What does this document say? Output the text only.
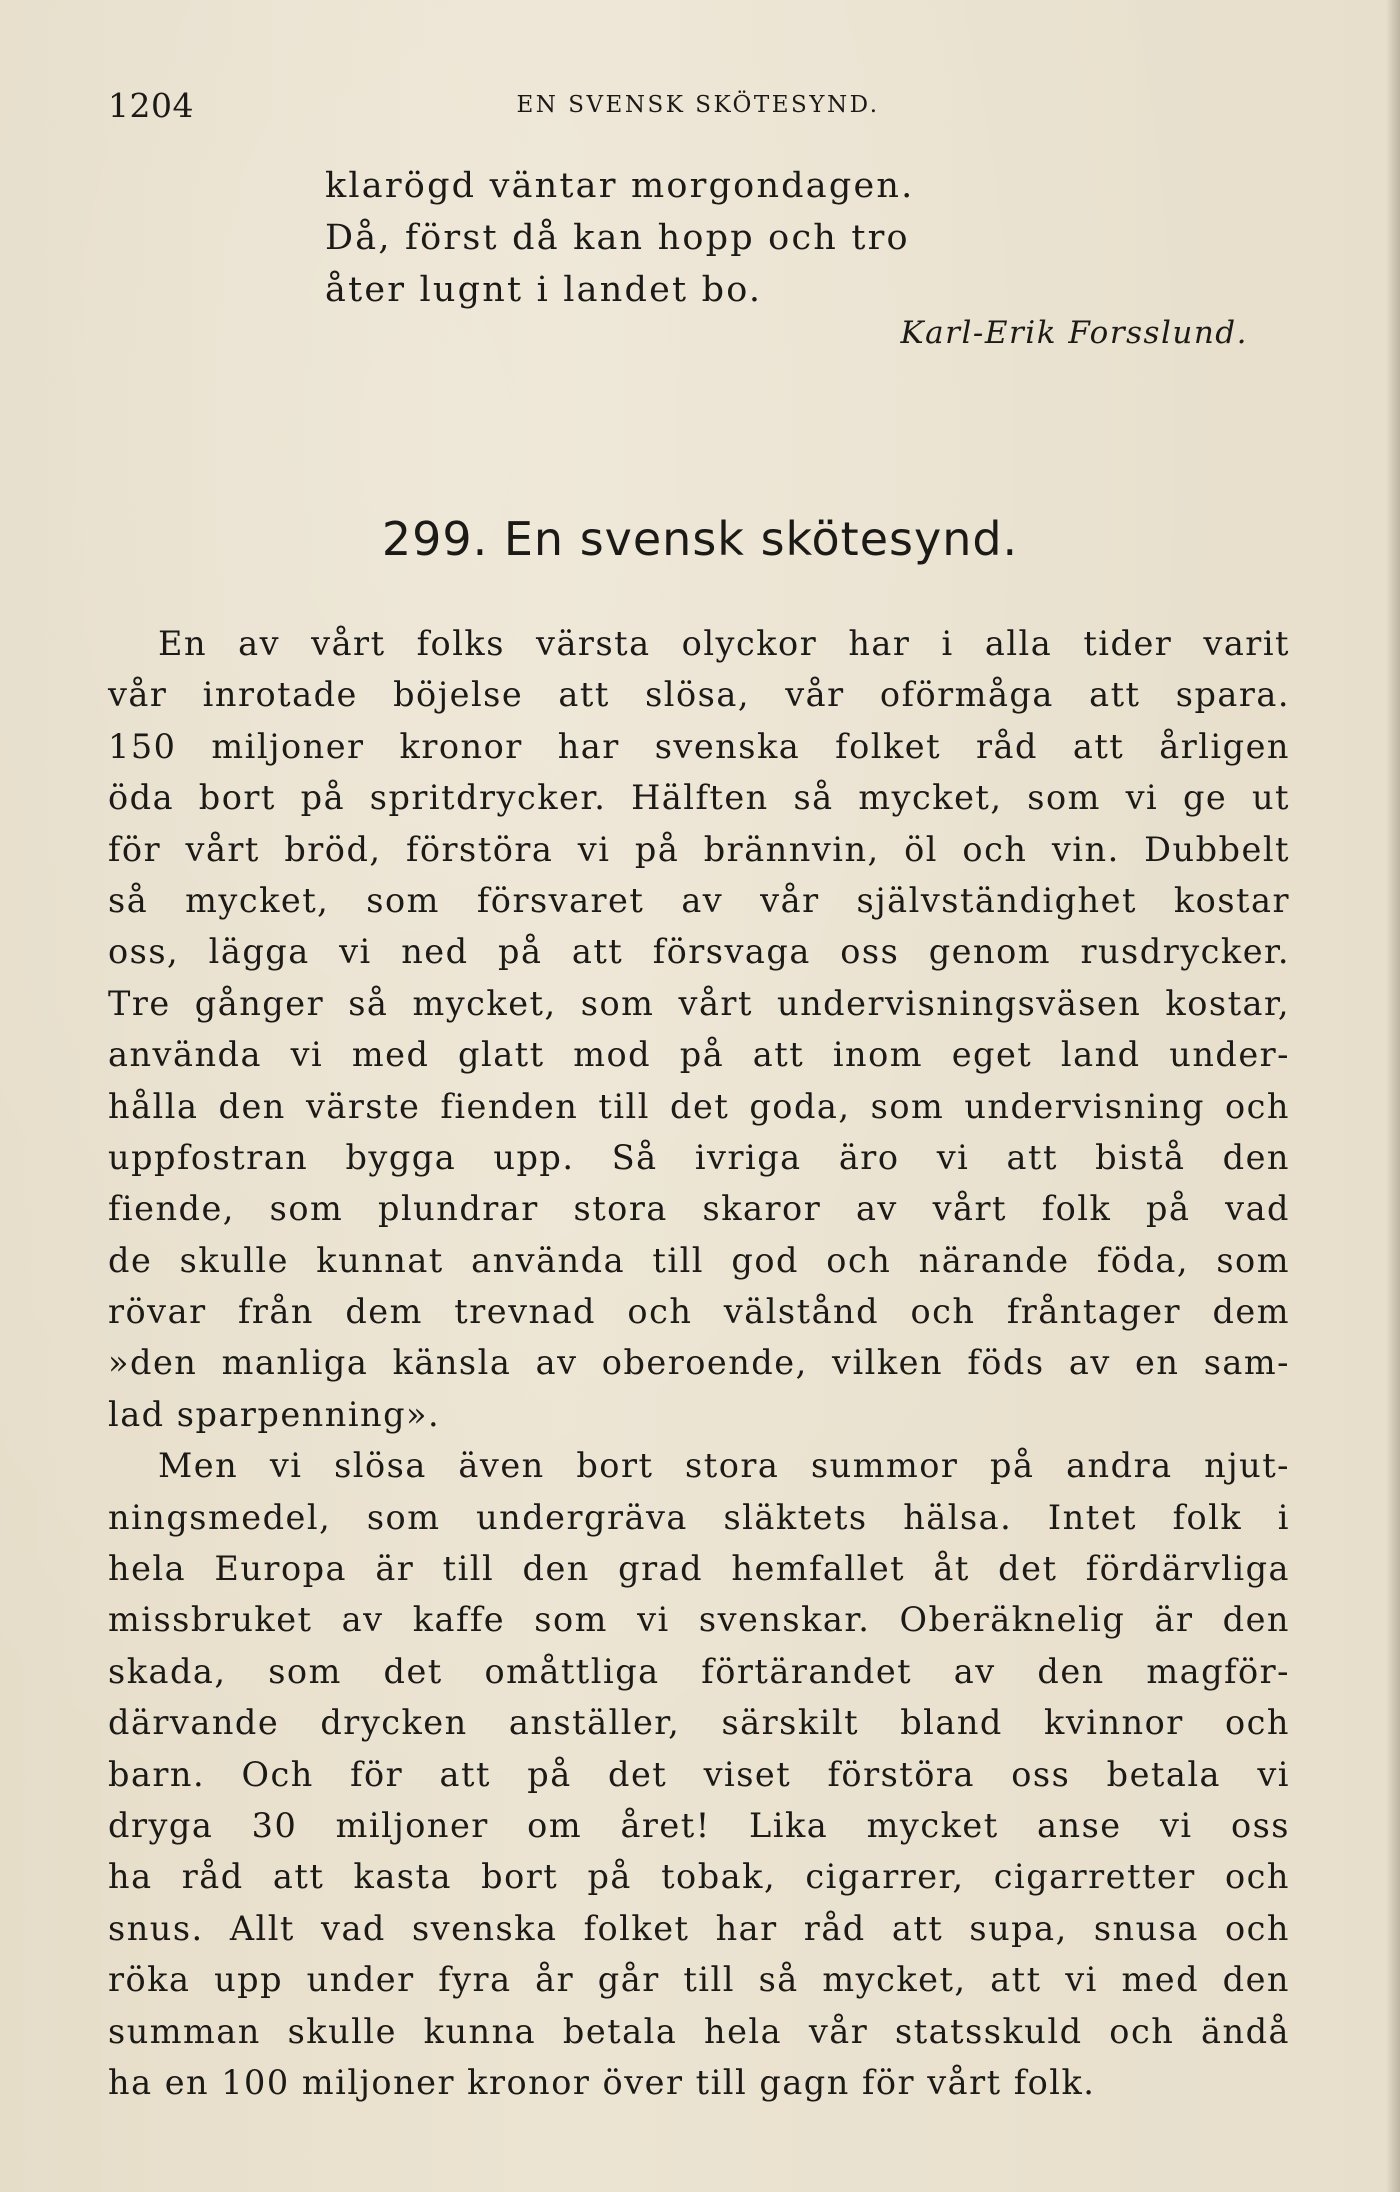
1204	EN SVENSK SKÖTESYND.
klarögd väntar morgondagen.
Då, först då kan hopp och tro
åter lugnt i landet bo.
Karl-Erik Forsslund.
299. En svensk skötesynd.
En av vårt folks värsta olyckor har i alla tider varit
vår inrotade böjelse att slösa, vår oförmåga att spara.
150 miljoner kronor har svenska folket råd att årligen
öda bort på spritdrycker. Hälften så mycket, som vi ge ut
för vårt bröd, förstöra vi på brännvin, öl och vin. Dubbelt
så mycket, som försvaret av vår självständighet kostar
oss, lägga vi ned på att försvaga oss genom rusdrycker.
Tre gånger så mycket, som vårt undervisningsväsen kostar,
använda vi med glatt mod på att inom eget land under-
hålla den värste fienden till det goda, som undervisning och
uppfostran bygga upp. Så ivriga äro vi att bistå den
fiende, som plundrar stora skaror av vårt folk på vad
de skulle kunnat använda till god och närande föda, som
rövar från dem trevnad och välstånd och fråntager dem
»den manliga känsla av oberoende, vilken föds av en sam-
lad sparpenning».
Men vi slösa även bort stora summor på andra njut-
ningsmedel, som undergräva släktets hälsa. Intet folk i
hela Europa är till den grad hemfallet åt det fördärvliga
missbruket av kaffe som vi svenskar. Oberäknelig är den
skada, som det omåttliga förtärandet av den magför-
därvande drycken anställer, särskilt bland kvinnor och
barn. Och för att på det viset förstöra oss betala vi
dryga 30 miljoner om året! Lika mycket anse vi oss
ha råd att kasta bort på tobak, cigarrer, cigarretter och
snus. Allt vad svenska folket har råd att supa, snusa och
röka upp under fyra år går till så mycket, att vi med den
summan skulle kunna betala hela vår statsskuld och ändå
ha en 100 miljoner kronor över till gagn för vårt folk.
